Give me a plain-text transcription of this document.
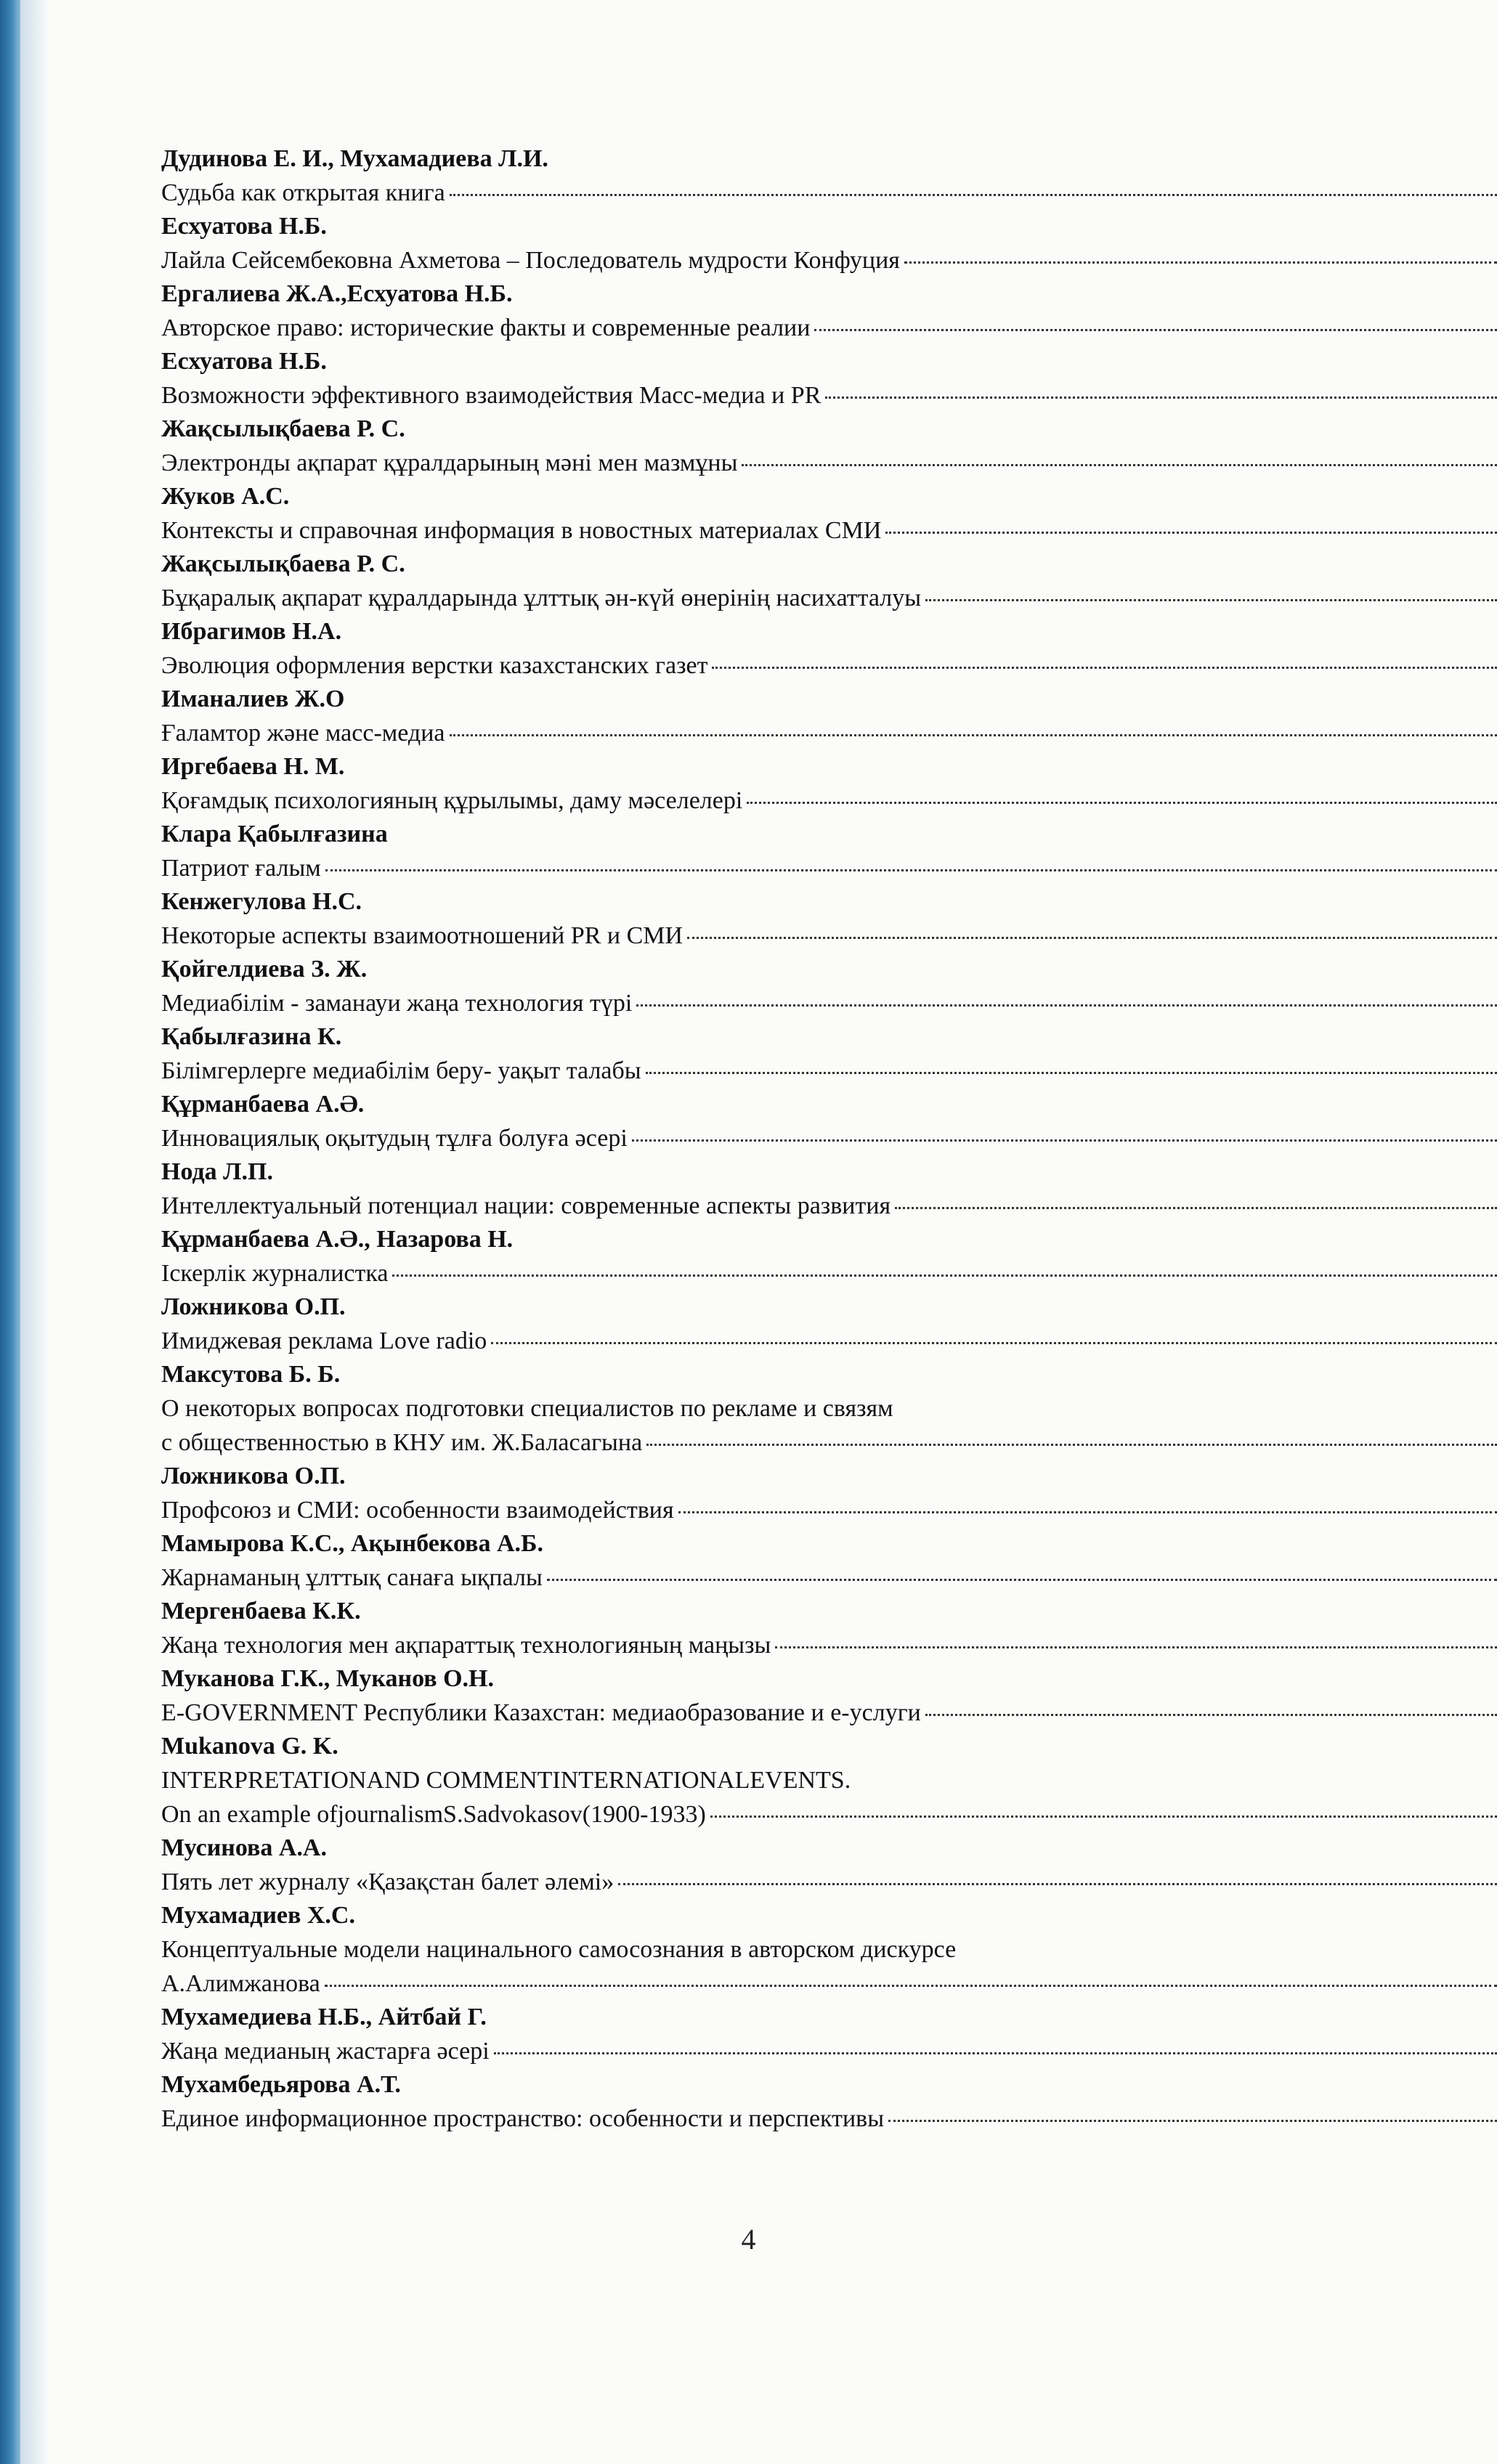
Дудинова Е. И., Мухамадиева Л.И.
Судьба как открытая книга
Есхуатова Н.Б.
Лайла Сейсембековна Ахметова – Последователь мудрости Конфуция
Ергалиева Ж.А.,Есхуатова Н.Б.
Авторское право: исторические факты и современные реалии
Есхуатова Н.Б.
Возможности эффективного взаимодействия Масс-медиа и PR
Жақсылықбаева Р. С.
Электронды ақпарат құралдарының мәні мен мазмұны
Жуков А.С.
Контексты и справочная информация в новостных материалах СМИ
Жақсылықбаева Р. С.
Бұқаралық ақпарат құралдарында ұлттық ән-күй өнерінің насихатталуы
Ибрагимов Н.А.
Эволюция оформления верстки казахстанских газет
Иманалиев Ж.О
Ғаламтор және масс-медиа
Иргебаева Н. М.
Қоғамдық психологияның құрылымы, даму мәселелері
Клара Қабылғазина
Патриот ғалым
Кенжегулова Н.С.
Некоторые аспекты взаимоотношений PR и СМИ
Қойгелдиева З. Ж.
Медиабілім - заманауи жаңа технология түрі
Қабылғазина К.
Білімгерлерге медиабілім беру- уақыт талабы
Құрманбаева А.Ә.
Инновациялық оқытудың тұлға болуға әсері
Нода Л.П.
Интеллектуальный потенциал нации: современные аспекты развития
Құрманбаева А.Ә., Назарова Н.
Іскерлік журналистка
Ложникова О.П.
Имиджевая реклама Love radio
Максутова Б. Б.
О некоторых вопросах подготовки специалистов по рекламе и связям
с общественностью в КНУ им. Ж.Баласагына
Ложникова О.П.
Профсоюз и СМИ: особенности взаимодействия
Мамырова К.С., Ақынбекова А.Б.
Жарнаманың ұлттық санаға ықпалы
Мергенбаева К.К.
Жаңа технология мен ақпараттық технологияның маңызы
Муканова Г.К., Муканов О.Н.
E-GOVERNMENT Республики Казахстан: медиаобразование и е-услуги
Mukanova G. K.
INTERPRETATIONAND COMMENTINTERNATIONALEVENTS.
On an example ofjournalismS.Sadvokasov(1900-1933)
Мусинова А.А.
Пять лет журналу «Қазақстан балет әлемі»
Мухамадиев Х.С.
Концептуальные модели нацинального самосознания в авторском дискурсе
А.Алимжанова
Мухамедиева Н.Б., Айтбай Г.
Жаңа медианың жастарға әсері
Мухамбедьярова А.Т.
Единое информационное пространство: особенности и перспективы
4
